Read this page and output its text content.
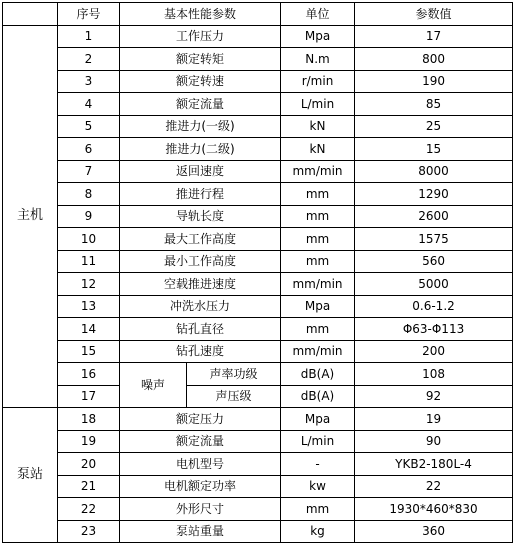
	序号	基本性能参数		单位	参数值
主机	1	工作压力		Mpa	17
	2	额定转矩		N.m	800
	3	额定转速		r/min	190
	4	额定流量		L/min	85
	5	推进力(一级)		kN	25
	6	推进力(二级)		kN	15
	7	返回速度		mm/min	8000
	8	推进行程		mm	1290
	9	导轨长度		mm	2600
	10	最大工作高度		mm	1575
	11	最小工作高度		mm	560
	12	空载推进速度		mm/min	5000
	13	冲洗水压力		Mpa	0.6-1.2
	14	钻孔直径		mm	Φ63-Φ113
	15	钻孔速度		mm/min	200
	16	噪声	声率功级	dB(A)	108
	17		声压级	dB(A)	92
泵站	18	额定压力		Mpa	19
	19	额定流量		L/min	90
	20	电机型号		-	YKB2-180L-4
	21	电机额定功率		kw	22
	22	外形尺寸		mm	1930*460*830
	23	泵站重量		kg	360
